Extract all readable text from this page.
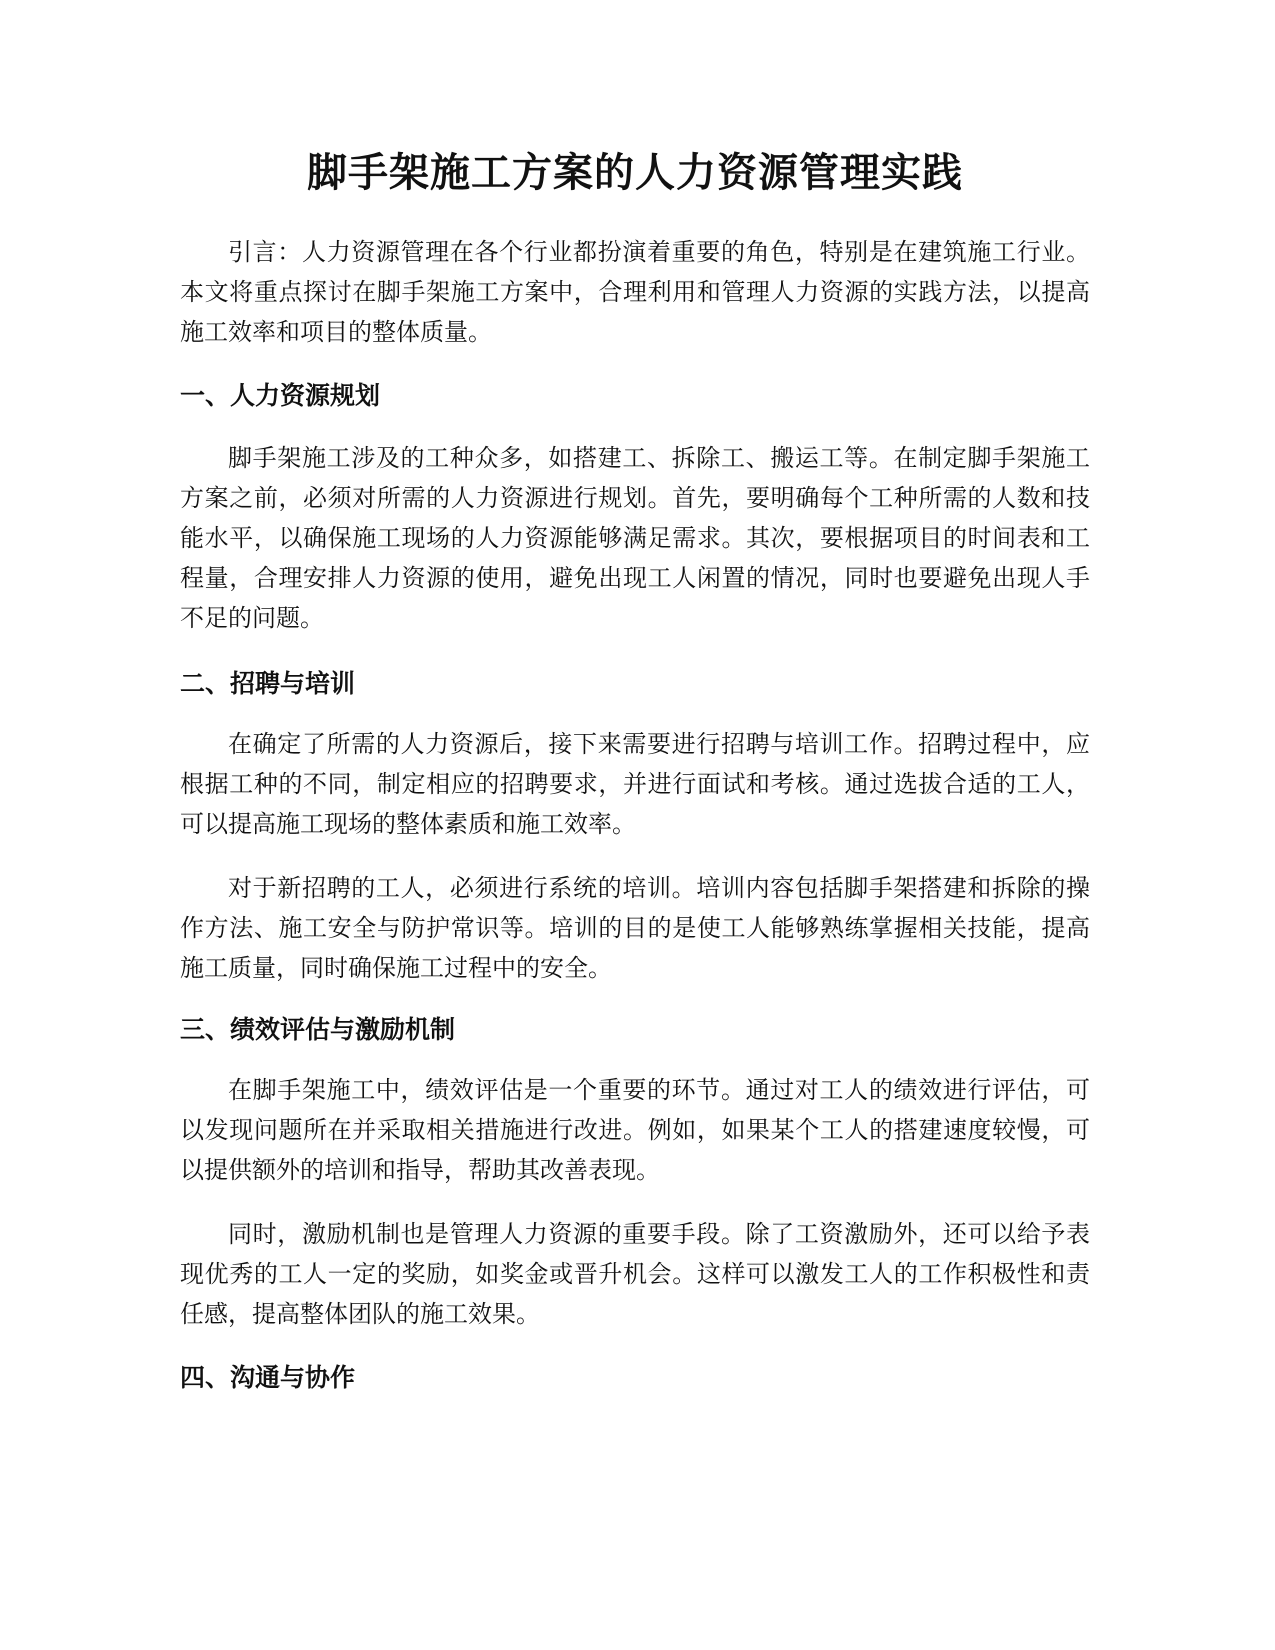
脚手架施工方案的人力资源管理实践

引言：人力资源管理在各个行业都扮演着重要的角色，特别是在建筑施工行业。本文将重点探讨在脚手架施工方案中，合理利用和管理人力资源的实践方法，以提高施工效率和项目的整体质量。

一、人力资源规划

脚手架施工涉及的工种众多，如搭建工、拆除工、搬运工等。在制定脚手架施工方案之前，必须对所需的人力资源进行规划。首先，要明确每个工种所需的人数和技能水平，以确保施工现场的人力资源能够满足需求。其次，要根据项目的时间表和工程量，合理安排人力资源的使用，避免出现工人闲置的情况，同时也要避免出现人手不足的问题。

二、招聘与培训

在确定了所需的人力资源后，接下来需要进行招聘与培训工作。招聘过程中，应根据工种的不同，制定相应的招聘要求，并进行面试和考核。通过选拔合适的工人，可以提高施工现场的整体素质和施工效率。

对于新招聘的工人，必须进行系统的培训。培训内容包括脚手架搭建和拆除的操作方法、施工安全与防护常识等。培训的目的是使工人能够熟练掌握相关技能，提高施工质量，同时确保施工过程中的安全。

三、绩效评估与激励机制

在脚手架施工中，绩效评估是一个重要的环节。通过对工人的绩效进行评估，可以发现问题所在并采取相关措施进行改进。例如，如果某个工人的搭建速度较慢，可以提供额外的培训和指导，帮助其改善表现。

同时，激励机制也是管理人力资源的重要手段。除了工资激励外，还可以给予表现优秀的工人一定的奖励，如奖金或晋升机会。这样可以激发工人的工作积极性和责任感，提高整体团队的施工效果。

四、沟通与协作
